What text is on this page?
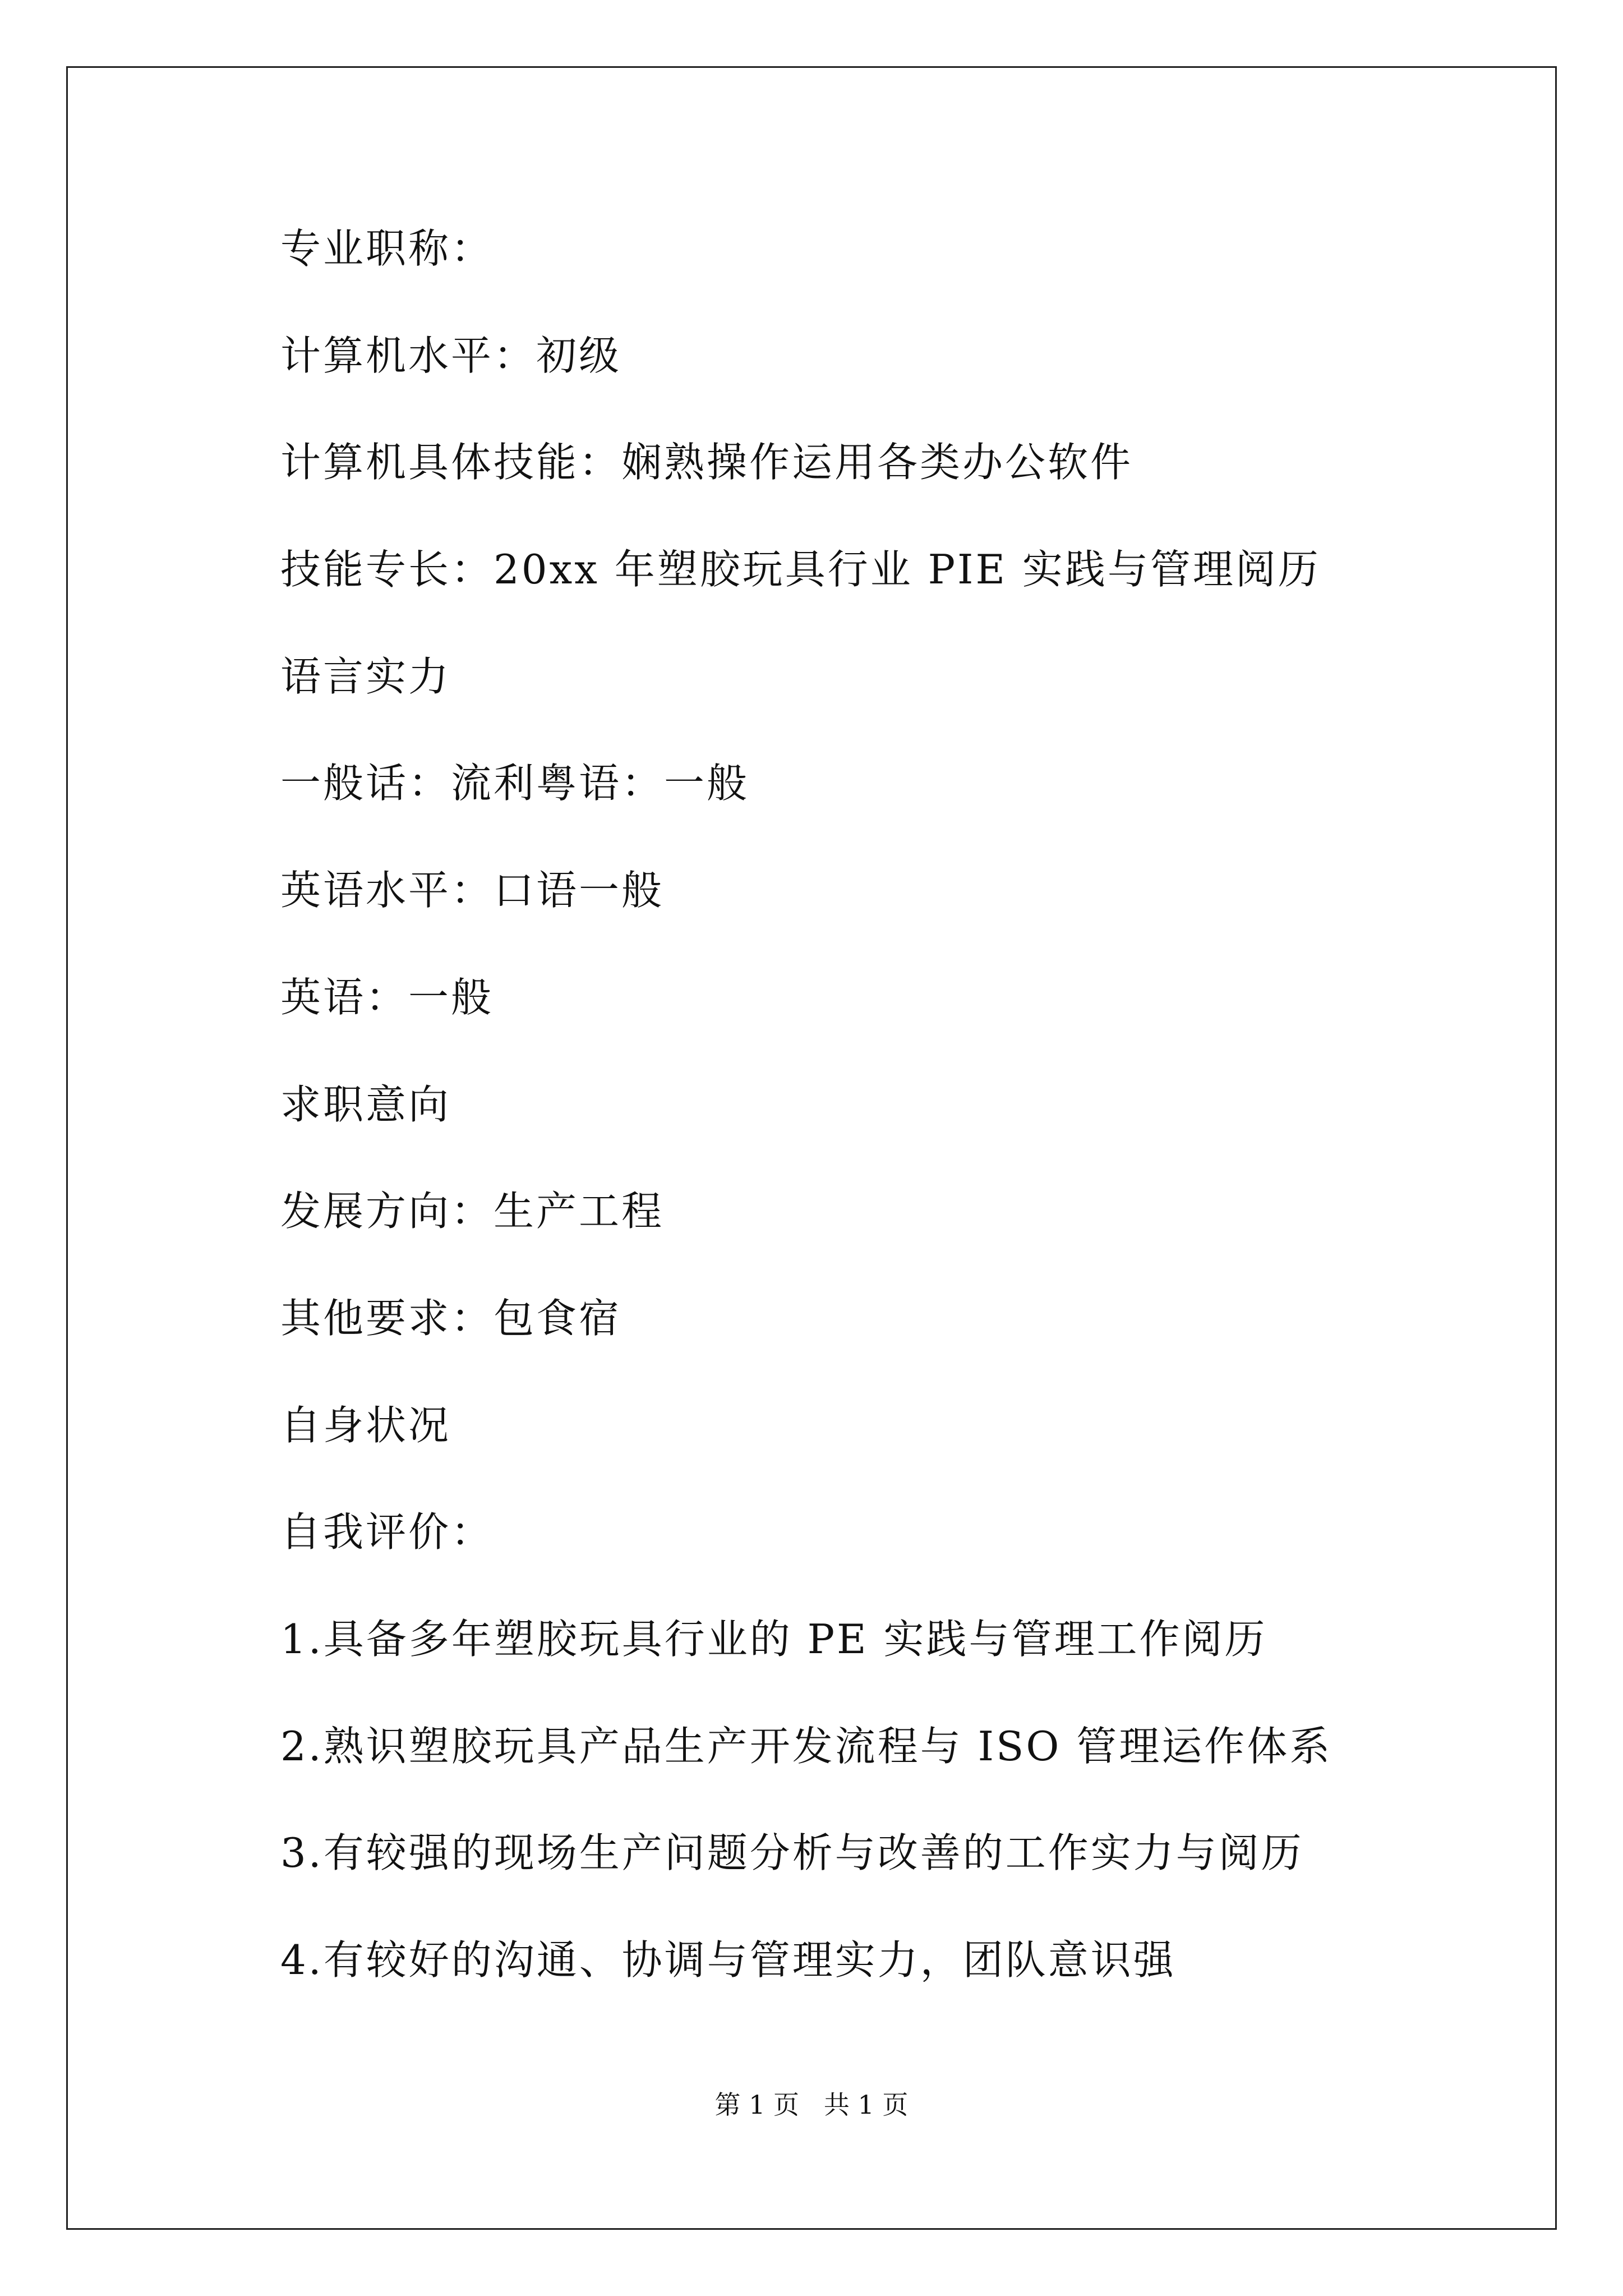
专业职称：
计算机水平：初级
计算机具体技能：娴熟操作运用各类办公软件
技能专长：20xx 年塑胶玩具行业 PIE 实践与管理阅历
语言实力
一般话：流利粤语：一般
英语水平：口语一般
英语：一般
求职意向
发展方向：生产工程
其他要求：包食宿
自身状况
自我评价：
1.具备多年塑胶玩具行业的 PE 实践与管理工作阅历
2.熟识塑胶玩具产品生产开发流程与 ISO 管理运作体系
3.有较强的现场生产问题分析与改善的工作实力与阅历
4.有较好的沟通、协调与管理实力，团队意识强
第 1 页   共 1 页
